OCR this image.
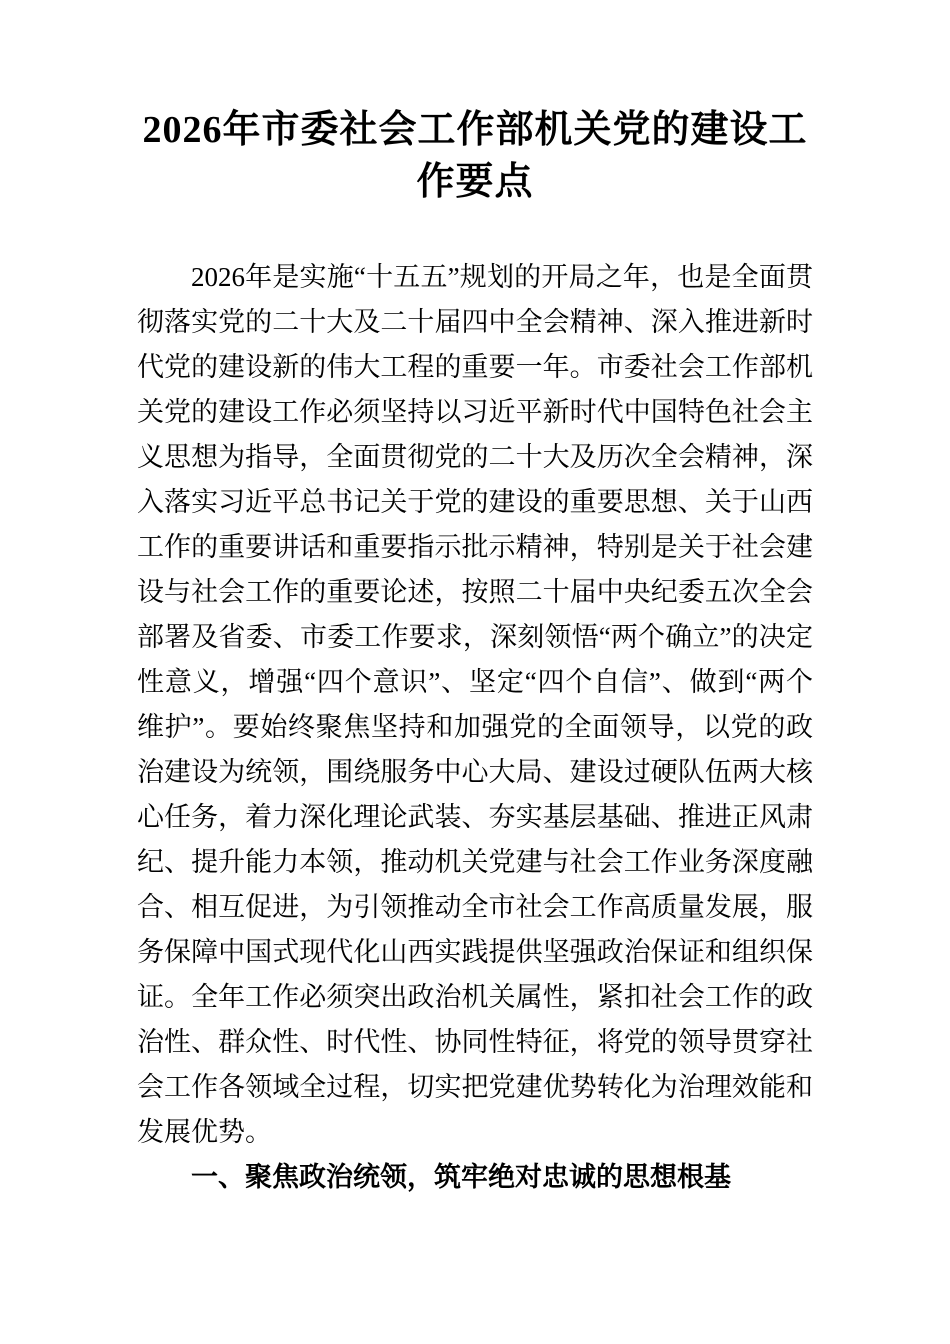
2026年市委社会工作部机关党的建设工作要点

2026年是实施“十五五”规划的开局之年，也是全面贯彻落实党的二十大及二十届四中全会精神、深入推进新时代党的建设新的伟大工程的重要一年。市委社会工作部机关党的建设工作必须坚持以习近平新时代中国特色社会主义思想为指导，全面贯彻党的二十大及历次全会精神，深入落实习近平总书记关于党的建设的重要思想、关于山西工作的重要讲话和重要指示批示精神，特别是关于社会建设与社会工作的重要论述，按照二十届中央纪委五次全会部署及省委、市委工作要求，深刻领悟“两个确立”的决定性意义，增强“四个意识”、坚定“四个自信”、做到“两个维护”。要始终聚焦坚持和加强党的全面领导，以党的政治建设为统领，围绕服务中心大局、建设过硬队伍两大核心任务，着力深化理论武装、夯实基层基础、推进正风肃纪、提升能力本领，推动机关党建与社会工作业务深度融合、相互促进，为引领推动全市社会工作高质量发展，服务保障中国式现代化山西实践提供坚强政治保证和组织保证。全年工作必须突出政治机关属性，紧扣社会工作的政治性、群众性、时代性、协同性特征，将党的领导贯穿社会工作各领域全过程，切实把党建优势转化为治理效能和发展优势。

一、聚焦政治统领，筑牢绝对忠诚的思想根基
